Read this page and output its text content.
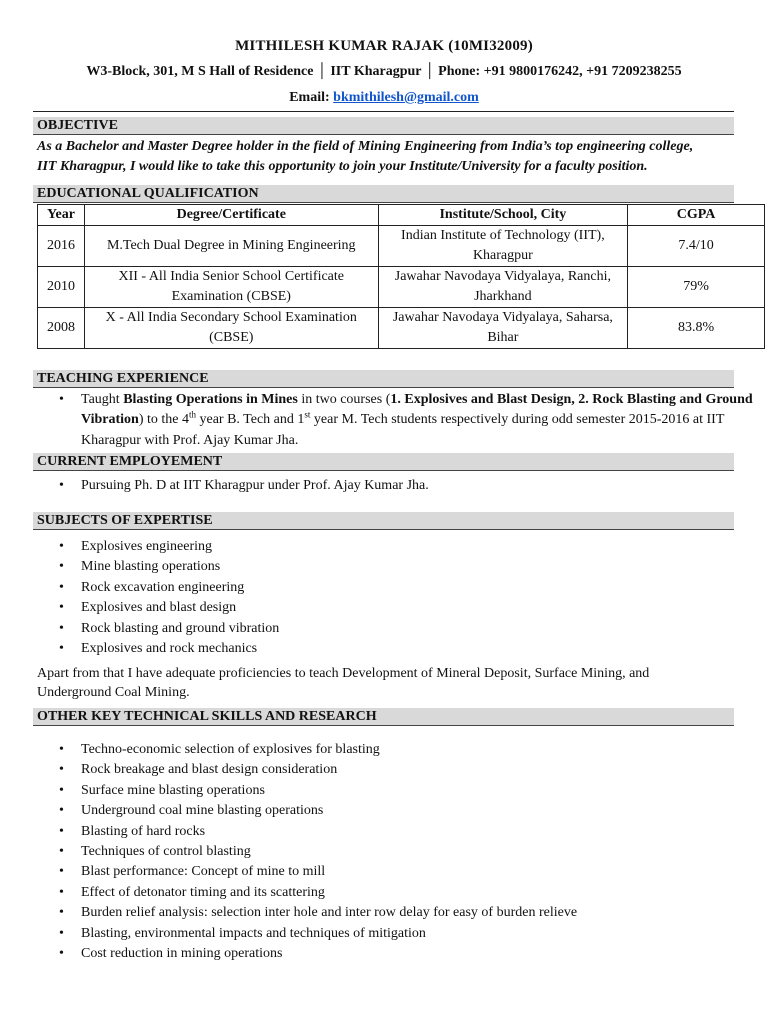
MITHILESH KUMAR RAJAK (10MI32009)
W3-Block, 301, M S Hall of Residence │ IIT Kharagpur │ Phone: +91 9800176242, +91 7209238255
Email: bkmithilesh@gmail.com
OBJECTIVE
As a Bachelor and Master Degree holder in the field of Mining Engineering from India’s top engineering college,
IIT Kharagpur, I would like to take this opportunity to join your Institute/University for a faculty position.
EDUCATIONAL QUALIFICATION
Year	Degree/Certificate	Institute/School, City	CGPA
2016	M.Tech Dual Degree in Mining Engineering	Indian Institute of Technology (IIT), Kharagpur	7.4/10
2010	XII - All India Senior School Certificate Examination (CBSE)	Jawahar Navodaya Vidyalaya, Ranchi, Jharkhand	79%
2008	X - All India Secondary School Examination (CBSE)	Jawahar Navodaya Vidyalaya, Saharsa, Bihar	83.8%
TEACHING EXPERIENCE
• Taught Blasting Operations in Mines in two courses (1. Explosives and Blast Design, 2. Rock Blasting and Ground Vibration) to the 4th year B. Tech and 1st year M. Tech students respectively during odd semester 2015-2016 at IIT Kharagpur with Prof. Ajay Kumar Jha.
CURRENT EMPLOYEMENT
• Pursuing Ph. D at IIT Kharagpur under Prof. Ajay Kumar Jha.
SUBJECTS OF EXPERTISE
• Explosives engineering
• Mine blasting operations
• Rock excavation engineering
• Explosives and blast design
• Rock blasting and ground vibration
• Explosives and rock mechanics
Apart from that I have adequate proficiencies to teach Development of Mineral Deposit, Surface Mining, and
Underground Coal Mining.
OTHER KEY TECHNICAL SKILLS AND RESEARCH
• Techno-economic selection of explosives for blasting
• Rock breakage and blast design consideration
• Surface mine blasting operations
• Underground coal mine blasting operations
• Blasting of hard rocks
• Techniques of control blasting
• Blast performance: Concept of mine to mill
• Effect of detonator timing and its scattering
• Burden relief analysis: selection inter hole and inter row delay for easy of burden relieve
• Blasting, environmental impacts and techniques of mitigation
• Cost reduction in mining operations
